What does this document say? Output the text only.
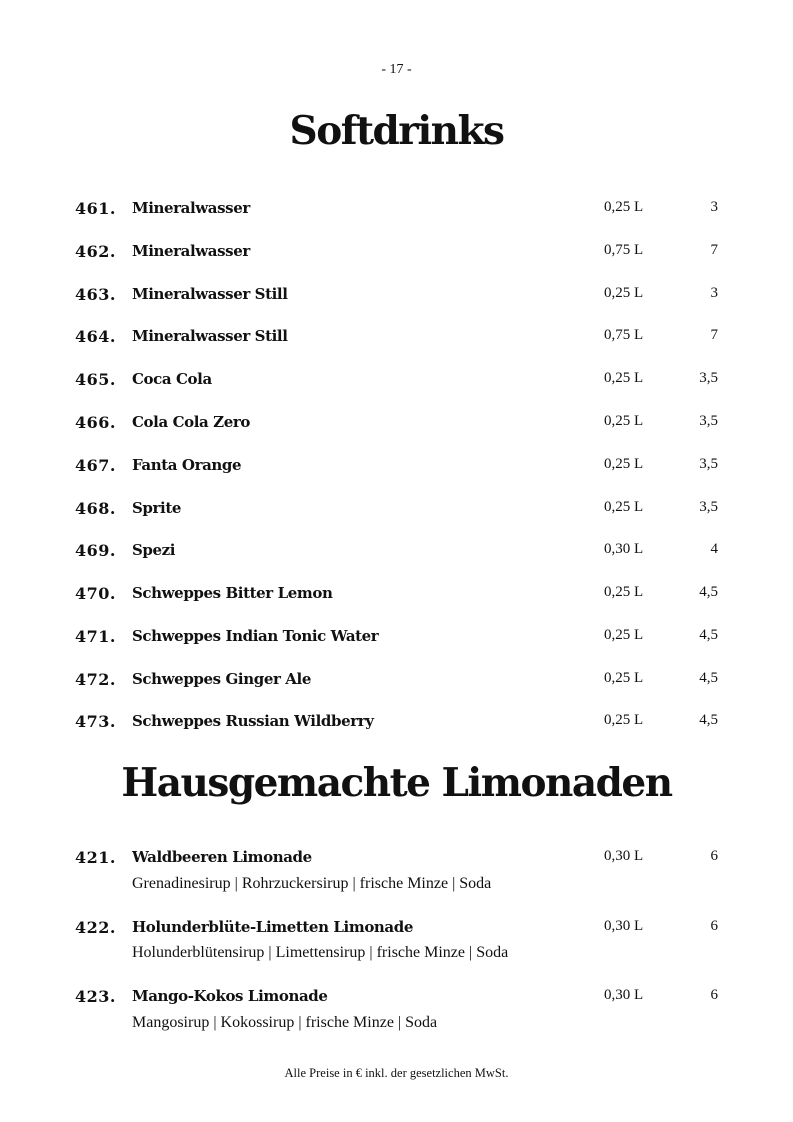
- 17 -
Softdrinks
461. Mineralwasser	0,25 L	3
462. Mineralwasser	0,75 L	7
463. Mineralwasser Still	0,25 L	3
464. Mineralwasser Still	0,75 L	7
465. Coca Cola	0,25 L	3,5
466. Cola Cola Zero	0,25 L	3,5
467. Fanta Orange	0,25 L	3,5
468. Sprite	0,25 L	3,5
469. Spezi	0,30 L	4
470. Schweppes Bitter Lemon	0,25 L	4,5
471. Schweppes Indian Tonic Water	0,25 L	4,5
472. Schweppes Ginger Ale	0,25 L	4,5
473. Schweppes Russian Wildberry	0,25 L	4,5
Hausgemachte Limonaden
421. Waldbeeren Limonade	0,30 L	6
Grenadinesirup | Rohrzuckersirup | frische Minze | Soda
422. Holunderblüte-Limetten Limonade	0,30 L	6
Holunderblütensirup | Limettensirup | frische Minze | Soda
423. Mango-Kokos Limonade	0,30 L	6
Mangosirup | Kokossirup | frische Minze | Soda
Alle Preise in € inkl. der gesetzlichen MwSt.
